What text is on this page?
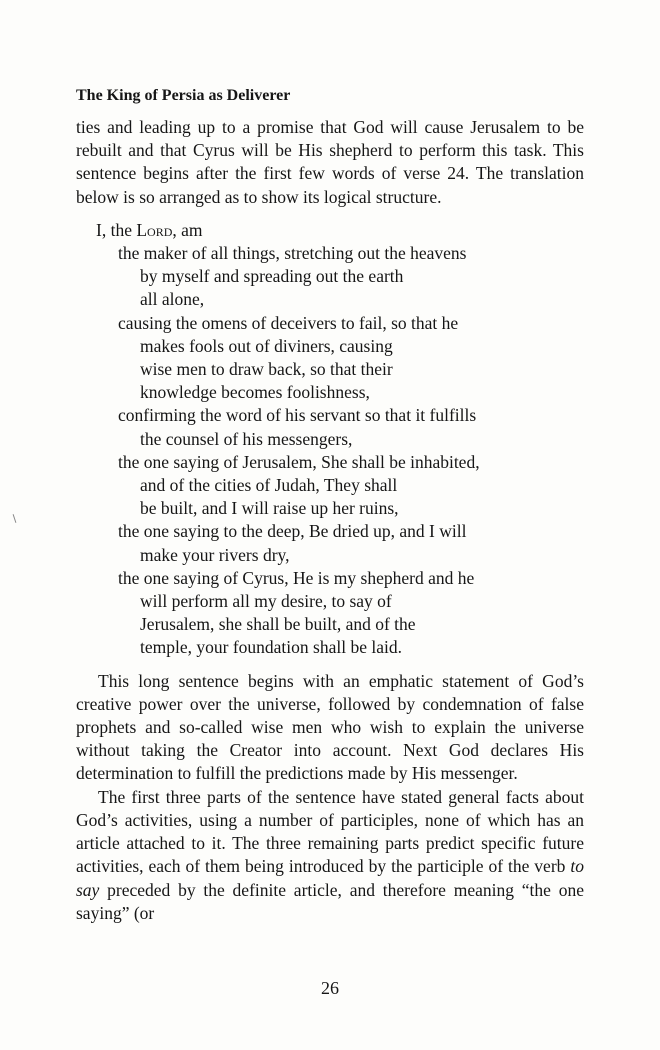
The King of Persia as Deliverer

ties and leading up to a promise that God will cause Jerusalem to be rebuilt and that Cyrus will be His shepherd to perform this task. This sentence begins after the first few words of verse 24. The translation below is so arranged as to show its logical structure.

I, the Lord, am

the maker of all things, stretching out the heavens
by myself and spreading out the earth
all alone,
causing the omens of deceivers to fail, so that he
makes fools out of diviners, causing
wise men to draw back, so that their
knowledge becomes foolishness,
confirming the word of his servant so that it fulfills
the counsel of his messengers,
the one saying of Jerusalem, She shall be inhabited,
and of the cities of Judah, They shall
be built, and I will raise up her ruins,
the one saying to the deep, Be dried up, and I will
make your rivers dry,
the one saying of Cyrus, He is my shepherd and he
will perform all my desire, to say of
Jerusalem, she shall be built, and of the
temple, your foundation shall be laid.

This long sentence begins with an emphatic statement of God’s creative power over the universe, followed by condemnation of false prophets and so-called wise men who wish to explain the universe without taking the Creator into account. Next God declares His determination to fulfill the predictions made by His messenger.

The first three parts of the sentence have stated general facts about God’s activities, using a number of participles, none of which has an article attached to it. The three remaining parts predict specific future activities, each of them being introduced by the participle of the verb to say preceded by the definite article, and therefore meaning “the one saying” (or

26
